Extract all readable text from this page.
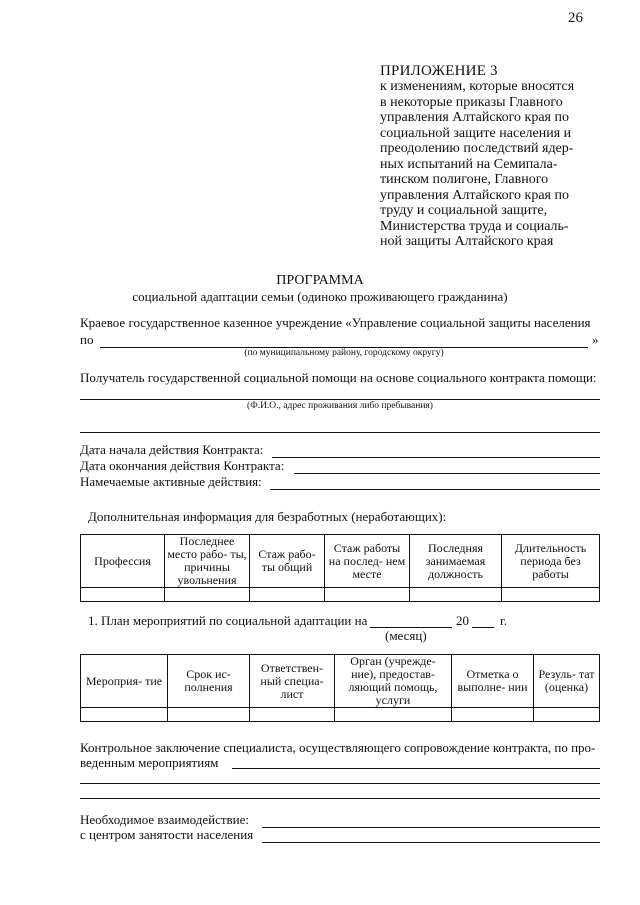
26
ПРИЛОЖЕНИЕ 3
к изменениям, которые вносятся
в некоторые приказы Главного
управления Алтайского края по
социальной защите населения и
преодолению последствий ядер-
ных испытаний на Семипала-
тинском полигоне, Главного
управления Алтайского края по
труду и социальной защите,
Министерства труда и социаль-
ной защиты Алтайского края
ПРОГРАММА
социальной адаптации семьи (одиноко проживающего гражданина)
Краевое государственное казенное учреждение «Управление социальной защиты населения
по	»
(по муниципальному району, городскому округу)
Получатель государственной социальной помощи на основе социального контракта помощи:
(Ф.И.О., адрес проживания либо пребывания)
Дата начала действия Контракта:
Дата окончания действия Контракта:
Намечаемые активные действия:
Дополнительная информация для безработных (неработающих):
Профессия	Последнее место рабо- ты, причины увольнения	Стаж рабо- ты общий	Стаж работы на послед- нем месте	Последняя занимаемая должность	Длительность периода без работы

1. План мероприятий по социальной адаптации на	20 г.
(месяц)
Мероприя- тие	Срок ис- полнения	Ответствен- ный специа- лист	Орган (учрежде- ние), предостав- ляющий помощь, услуги	Отметка о выполне- нии	Резуль- тат (оценка)

Контрольное заключение специалиста, осуществляющего сопровождение контракта, по про-
веденным мероприятиям
Необходимое взаимодействие:
с центром занятости населения
